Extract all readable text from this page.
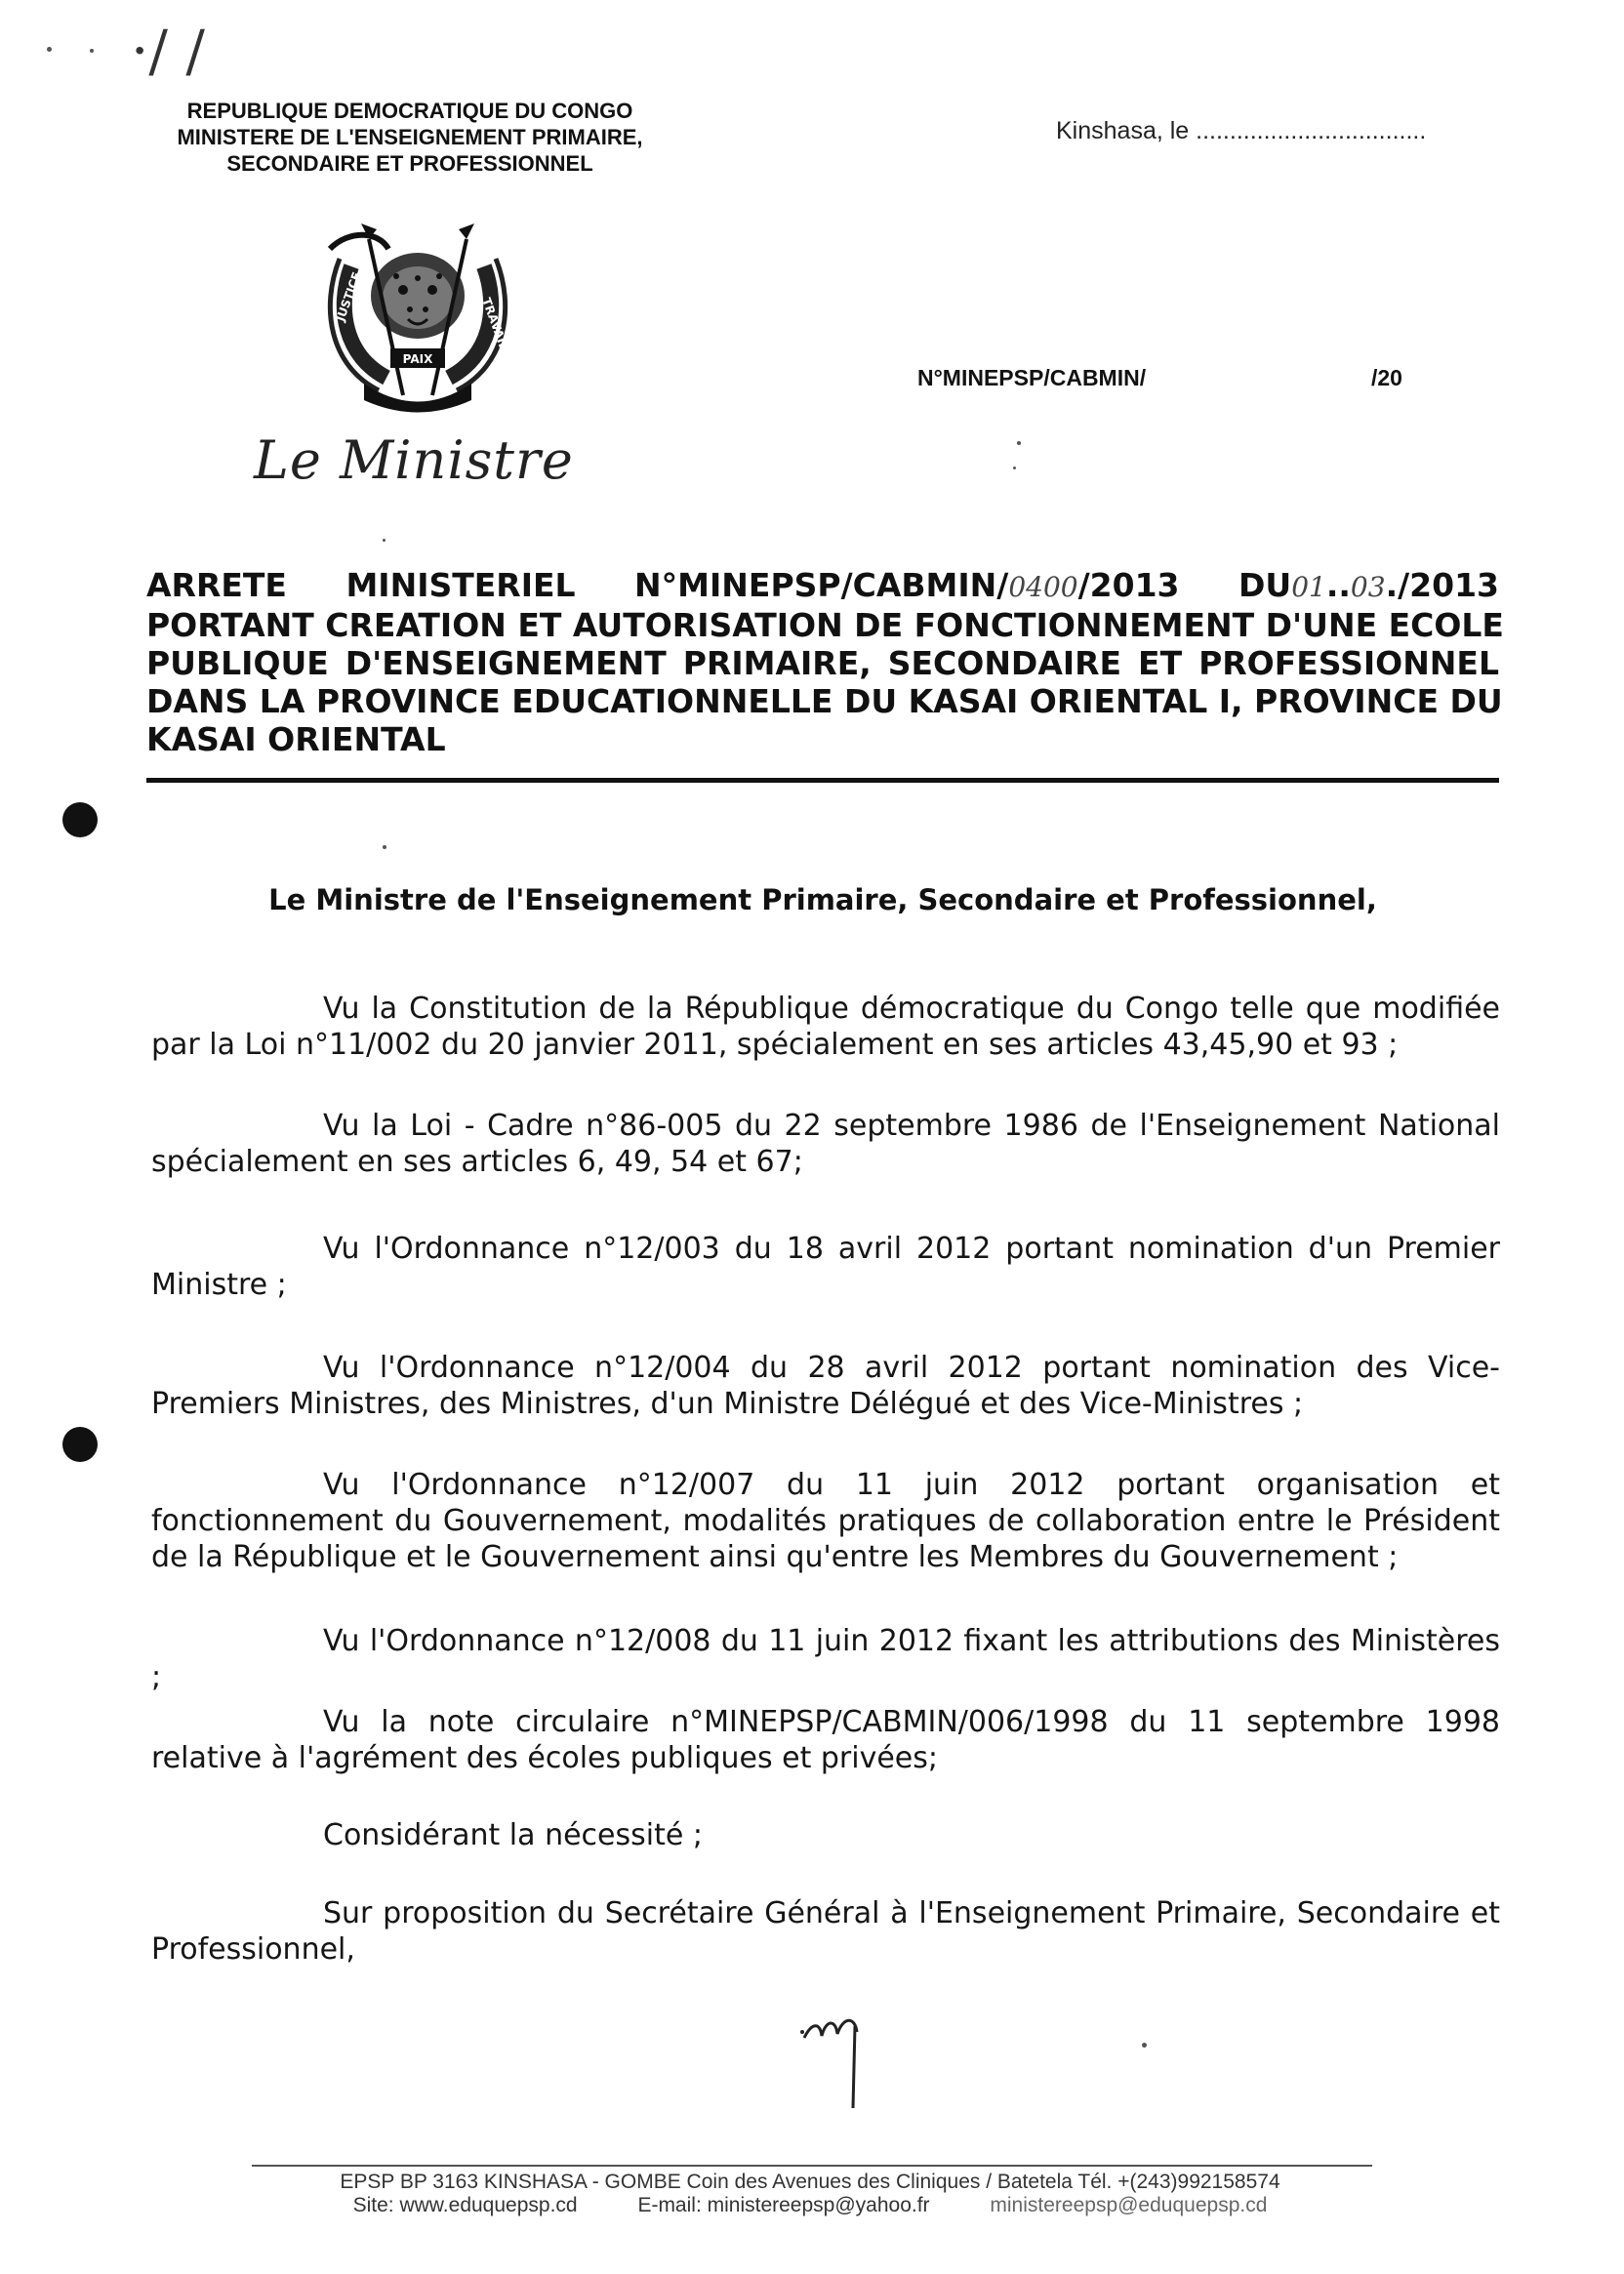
·/ /
REPUBLIQUE DEMOCRATIQUE DU CONGO
MINISTERE DE L'ENSEIGNEMENT PRIMAIRE,
SECONDAIRE ET PROFESSIONNEL
Kinshasa, le ..................................
PAIX
JUSTICE	TRAVAIL
N°MINEPSP/CABMIN/	/20
Le Ministre
ARRETE MINISTERIEL N°MINEPSP/CABMIN/0400/2013 DU01..03./2013
PORTANT CREATION ET AUTORISATION DE FONCTIONNEMENT D'UNE ECOLE
PUBLIQUE D'ENSEIGNEMENT PRIMAIRE, SECONDAIRE ET PROFESSIONNEL
DANS LA PROVINCE EDUCATIONNELLE DU KASAI ORIENTAL I, PROVINCE DU
KASAI ORIENTAL
Le Ministre de l'Enseignement Primaire, Secondaire et Professionnel,

Vu la Constitution de la République démocratique du Congo telle que modifiée par la Loi n°11/002 du 20 janvier 2011, spécialement en ses articles 43,45,90 et 93 ;

Vu la Loi - Cadre n°86-005 du 22 septembre 1986 de l'Enseignement National spécialement en ses articles 6, 49, 54 et 67;

Vu l'Ordonnance n°12/003 du 18 avril 2012 portant nomination d'un Premier Ministre ;

Vu l'Ordonnance n°12/004 du 28 avril 2012 portant nomination des Vice-Premiers Ministres, des Ministres, d'un Ministre Délégué et des Vice-Ministres ;

Vu l'Ordonnance n°12/007 du 11 juin 2012 portant organisation et fonctionnement du Gouvernement, modalités pratiques de collaboration entre le Président de la République et le Gouvernement ainsi qu'entre les Membres du Gouvernement ;

Vu l'Ordonnance n°12/008 du 11 juin 2012 fixant les attributions des Ministères ;

Vu la note circulaire n°MINEPSP/CABMIN/006/1998 du 11 septembre 1998 relative à l'agrément des écoles publiques et privées;

Considérant la nécessité ;

Sur proposition du Secrétaire Général à l'Enseignement Primaire, Secondaire et Professionnel,

EPSP BP 3163 KINSHASA - GOMBE Coin des Avenues des Cliniques / Batetela Tél. +(243)992158574
Site: www.eduquepsp.cd	E-mail: ministereepsp@yahoo.fr	ministereepsp@eduquepsp.cd
